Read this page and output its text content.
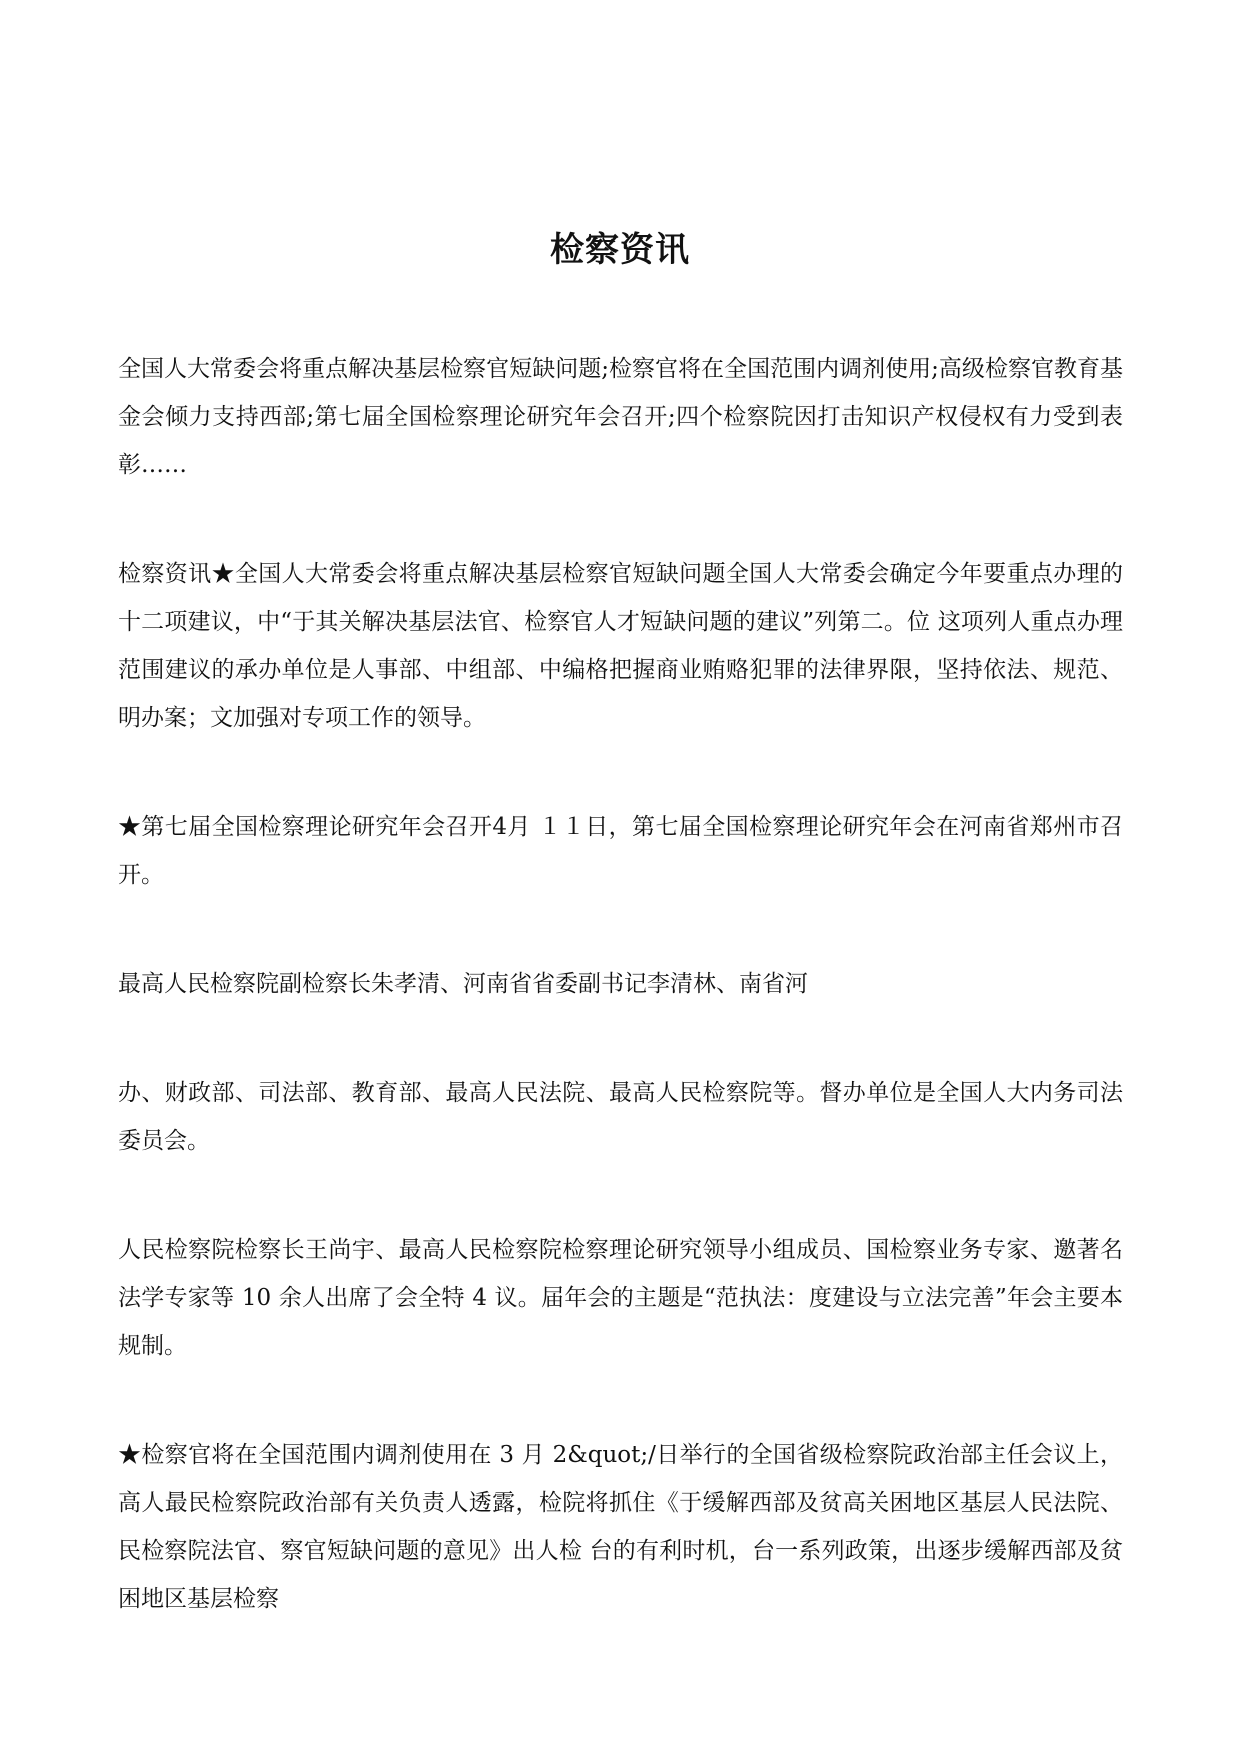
检察资讯

全国人大常委会将重点解决基层检察官短缺问题;检察官将在全国范围内调剂使用;高级检察官教育基金会倾力支持西部;第七届全国检察理论研究年会召开;四个检察院因打击知识产权侵权有力受到表彰……

检察资讯★全国人大常委会将重点解决基层检察官短缺问题全国人大常委会确定今年要重点办理的十二项建议，中“于其关解决基层法官、检察官人才短缺问题的建议”列第二。位 这项列人重点办理范围建议的承办单位是人事部、中组部、中编格把握商业贿赂犯罪的法律界限，坚持依法、规范、明办案；文加强对专项工作的领导。

★第七届全国检察理论研究年会召开4月 １１日，第七届全国检察理论研究年会在河南省郑州市召开。

最高人民检察院副检察长朱孝清、河南省省委副书记李清林、南省河

办、财政部、司法部、教育部、最高人民法院、最高人民检察院等。督办单位是全国人大内务司法委员会。

人民检察院检察长王尚宇、最高人民检察院检察理论研究领导小组成员、国检察业务专家、邀著名法学专家等 10 余人出席了会全特 4 议。届年会的主题是“范执法：度建设与立法完善”年会主要本规制。

★检察官将在全国范围内调剂使用在 3 月 2&quot;/日举行的全国省级检察院政治部主任会议上，高人最民检察院政治部有关负责人透露，检院将抓住《于缓解西部及贫高关困地区基层人民法院、民检察院法官、察官短缺问题的意见》出人检 台的有利时机，台一系列政策，出逐步缓解西部及贫困地区基层检察
